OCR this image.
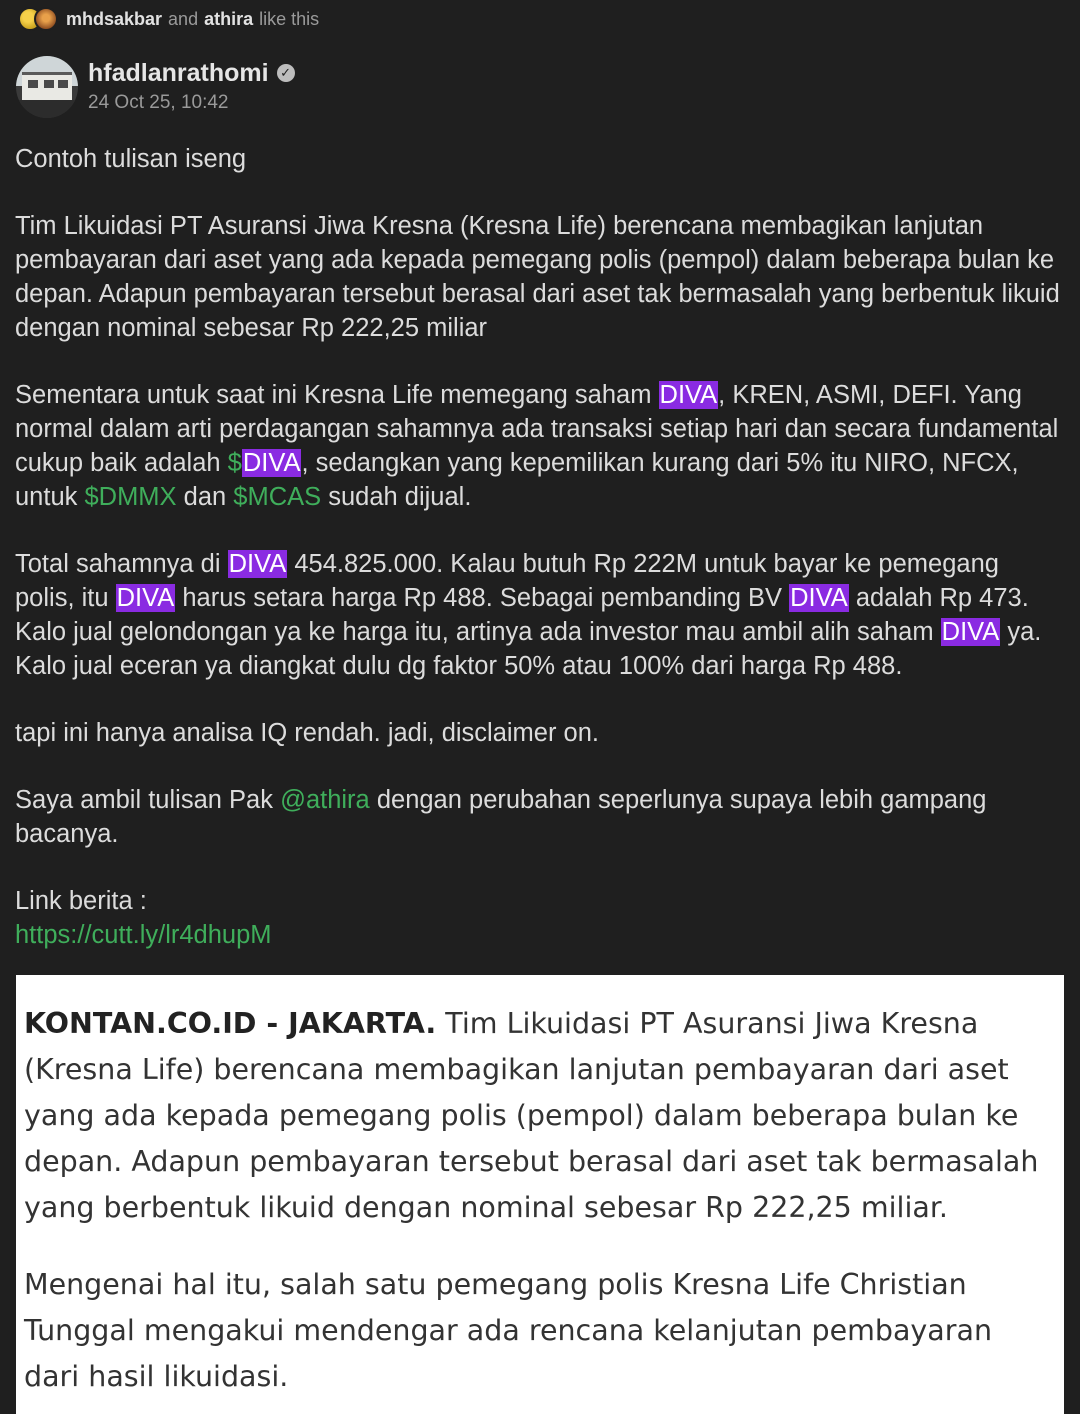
mhdsakbar and athira like this
hfadlanrathomi ✓
24 Oct 25, 10:42

Contoh tulisan iseng

Tim Likuidasi PT Asuransi Jiwa Kresna (Kresna Life) berencana membagikan lanjutan pembayaran dari aset yang ada kepada pemegang polis (pempol) dalam beberapa bulan ke depan. Adapun pembayaran tersebut berasal dari aset tak bermasalah yang berbentuk likuid dengan nominal sebesar Rp 222,25 miliar

Sementara untuk saat ini Kresna Life memegang saham DIVA, KREN, ASMI, DEFI. Yang normal dalam arti perdagangan sahamnya ada transaksi setiap hari dan secara fundamental cukup baik adalah $DIVA, sedangkan yang kepemilikan kurang dari 5% itu NIRO, NFCX, untuk $DMMX dan $MCAS sudah dijual.

Total sahamnya di DIVA 454.825.000. Kalau butuh Rp 222M untuk bayar ke pemegang polis, itu DIVA harus setara harga Rp 488. Sebagai pembanding BV DIVA adalah Rp 473. Kalo jual gelondongan ya ke harga itu, artinya ada investor mau ambil alih saham DIVA ya. Kalo jual eceran ya diangkat dulu dg faktor 50% atau 100% dari harga Rp 488.

tapi ini hanya analisa IQ rendah. jadi, disclaimer on.

Saya ambil tulisan Pak @athira dengan perubahan seperlunya supaya lebih gampang bacanya.

Link berita :
https://cutt.ly/lr4dhupM

KONTAN.CO.ID - JAKARTA. Tim Likuidasi PT Asuransi Jiwa Kresna (Kresna Life) berencana membagikan lanjutan pembayaran dari aset yang ada kepada pemegang polis (pempol) dalam beberapa bulan ke depan. Adapun pembayaran tersebut berasal dari aset tak bermasalah yang berbentuk likuid dengan nominal sebesar Rp 222,25 miliar.

Mengenai hal itu, salah satu pemegang polis Kresna Life Christian Tunggal mengakui mendengar ada rencana kelanjutan pembayaran dari hasil likuidasi.
